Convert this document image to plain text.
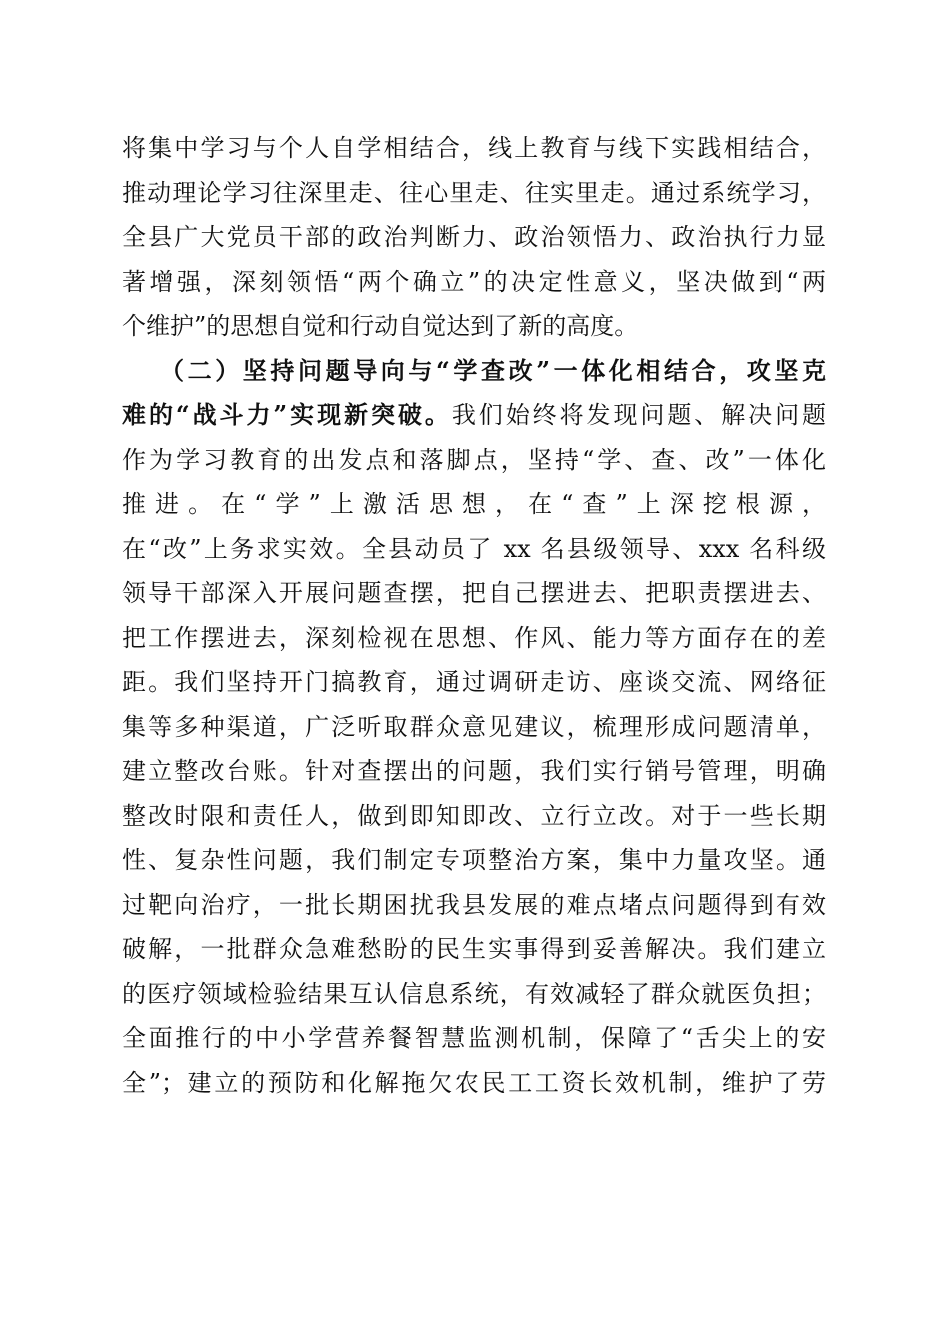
将集中学习与个人自学相结合，线上教育与线下实践相结合，
推动理论学习往深里走、往心里走、往实里走。通过系统学习，
全县广大党员干部的政治判断力、政治领悟力、政治执行力显
著增强，深刻领悟“两个确立”的决定性意义，坚决做到“两
个维护”的思想自觉和行动自觉达到了新的高度。
（二）坚持问题导向与“学查改”一体化相结合，攻坚克
难的“战斗力”实现新突破。我们始终将发现问题、解决问题
作为学习教育的出发点和落脚点，坚持“学、查、改”一体化
推进。在“学”上激活思想，在“查”上深挖根源，
在“改”上务求实效。全县动员了 xx 名县级领导、xxx 名科级
领导干部深入开展问题查摆，把自己摆进去、把职责摆进去、
把工作摆进去，深刻检视在思想、作风、能力等方面存在的差
距。我们坚持开门搞教育，通过调研走访、座谈交流、网络征
集等多种渠道，广泛听取群众意见建议，梳理形成问题清单，
建立整改台账。针对查摆出的问题，我们实行销号管理，明确
整改时限和责任人，做到即知即改、立行立改。对于一些长期
性、复杂性问题，我们制定专项整治方案，集中力量攻坚。通
过靶向治疗，一批长期困扰我县发展的难点堵点问题得到有效
破解，一批群众急难愁盼的民生实事得到妥善解决。我们建立
的医疗领域检验结果互认信息系统，有效减轻了群众就医负担；
全面推行的中小学营养餐智慧监测机制，保障了“舌尖上的安
全”；建立的预防和化解拖欠农民工工资长效机制，维护了劳
